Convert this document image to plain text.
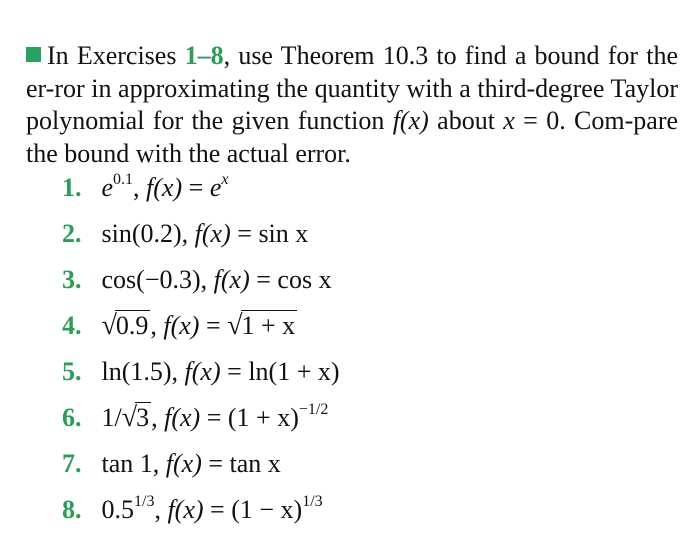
In Exercises 1–8, use Theorem 10.3 to find a bound for the er-ror in approximating the quantity with a third-degree Taylor polynomial for the given function f(x) about x = 0. Com-pare the bound with the actual error.

1. $e^{0.1}$, $f(x) = e^x$
2. sin(0.2), f(x) = sin x
3. cos(−0.3), f(x) = cos x
4. √0.9, f(x) = √1 + x
5. ln(1.5), f(x) = ln(1 + x)
6. 1/√3, $f(x) = (1 + x)^{-1/2}$
7. tan 1, f(x) = tan x
8. $0.5^{1/3}$, $f(x) = (1 - x)^{1/3}$
